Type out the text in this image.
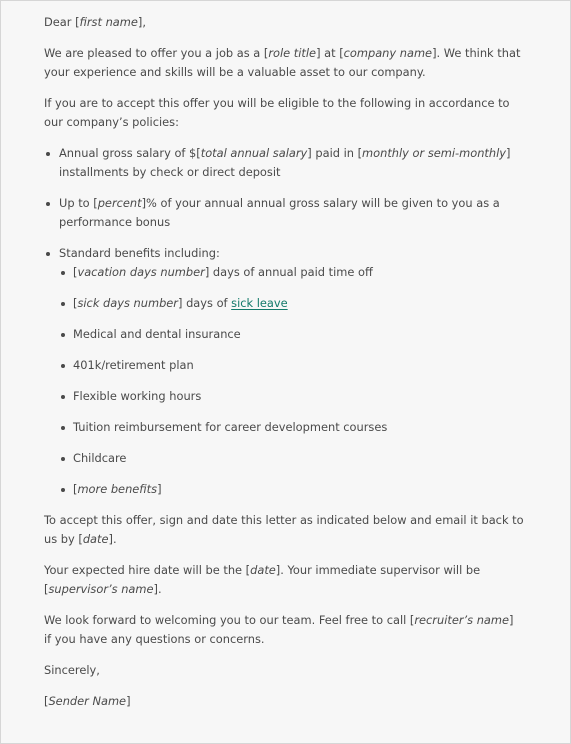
Dear [first name],

We are pleased to offer you a job as a [role title] at [company name]. We think that your experience and skills will be a valuable asset to our company.

If you are to accept this offer you will be eligible to the following in accordance to our company’s policies:

Annual gross salary of $[total annual salary] paid in [monthly or semi-monthly] installments by check or direct deposit
Up to [percent]% of your annual annual gross salary will be given to you as a performance bonus
Standard benefits including:
[vacation days number] days of annual paid time off
[sick days number] days of sick leave
Medical and dental insurance
401k/retirement plan
Flexible working hours
Tuition reimbursement for career development courses
Childcare
[more benefits]

To accept this offer, sign and date this letter as indicated below and email it back to us by [date].

Your expected hire date will be the [date]. Your immediate supervisor will be [supervisor’s name].

We look forward to welcoming you to our team. Feel free to call [recruiter’s name]  if you have any questions or concerns.

Sincerely,

[Sender Name]
